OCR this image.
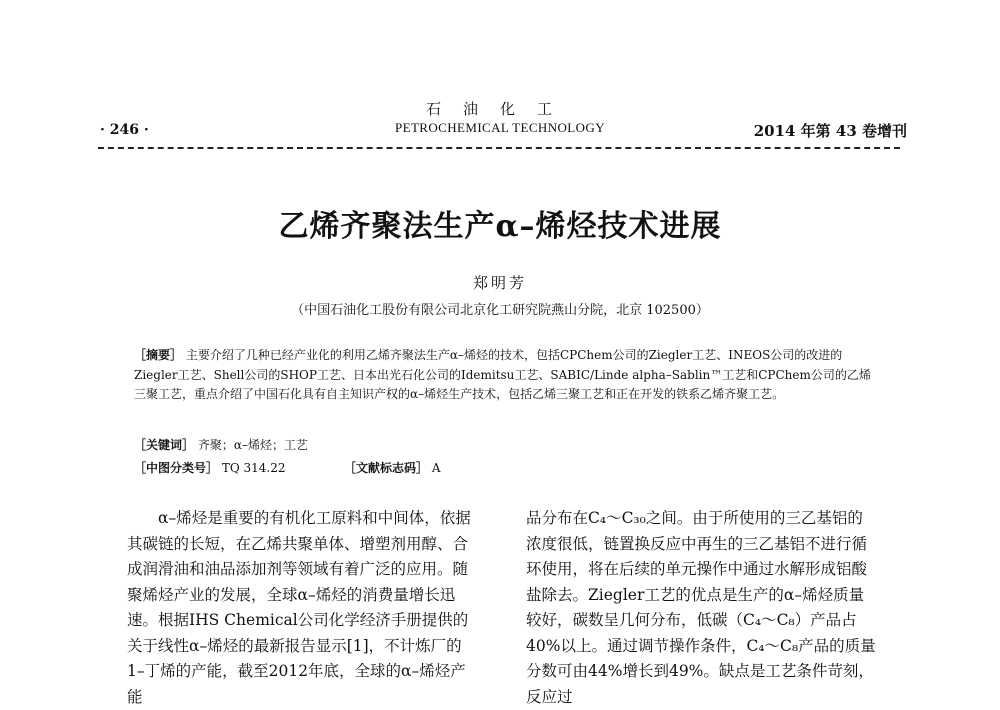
石油化工
PETROCHEMICAL TECHNOLOGY
· 246 ·	2014 年第 43 卷增刊
乙烯齐聚法生产α–烯烃技术进展
郑明芳
（中国石油化工股份有限公司北京化工研究院燕山分院，北京 102500）
［摘要］ 主要介绍了几种已经产业化的利用乙烯齐聚法生产α–烯烃的技术，包括CPChem公司的Ziegler工艺、INEOS公司的改进的Ziegler工艺、Shell公司的SHOP工艺、日本出光石化公司的Idemitsu工艺、SABIC/Linde alpha–Sablin™工艺和CPChem公司的乙烯三聚工艺，重点介绍了中国石化具有自主知识产权的α–烯烃生产技术，包括乙烯三聚工艺和正在开发的铁系乙烯齐聚工艺。
［关键词］ 齐聚；α–烯烃；工艺
［中图分类号］ TQ 314.22	［文献标志码］ A
α–烯烃是重要的有机化工原料和中间体，依据其碳链的长短，在乙烯共聚单体、增塑剂用醇、合成润滑油和油品添加剂等领域有着广泛的应用。随聚烯烃产业的发展，全球α–烯烃的消费量增长迅速。根据IHS Chemical公司化学经济手册提供的关于线性α–烯烃的最新报告显示[1]，不计炼厂的1–丁烯的产能，截至2012年底，全球的α–烯烃产能
品分布在C₄～C₃₀之间。由于所使用的三乙基铝的浓度很低，链置换反应中再生的三乙基铝不进行循环使用，将在后续的单元操作中通过水解形成铝酸盐除去。Ziegler工艺的优点是生产的α–烯烃质量较好，碳数呈几何分布，低碳（C₄～C₈）产品占40%以上。通过调节操作条件，C₄～C₈产品的质量分数可由44%增长到49%。缺点是工艺条件苛刻，反应过
